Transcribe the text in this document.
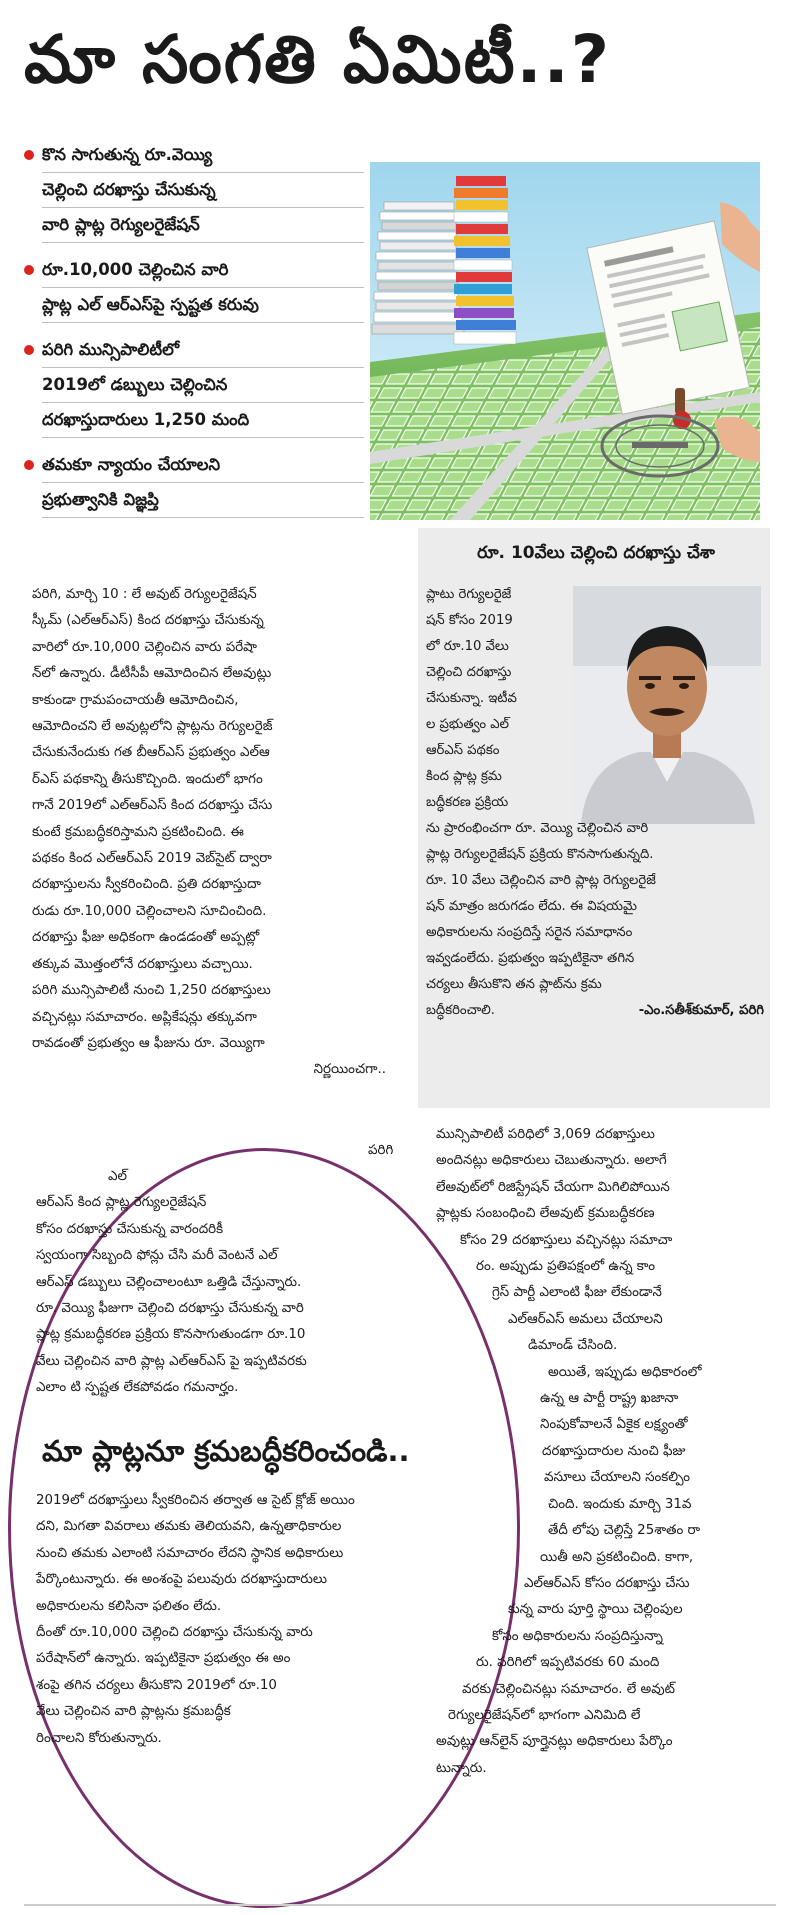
మా సంగతి ఏమిటీ..?
కొన సాగుతున్న రూ.వెయ్యి
చెల్లించి దరఖాస్తు చేసుకున్న
వారి ప్లాట్ల రెగ్యులరైజేషన్
రూ.10,000 చెల్లించిన వారి
ప్లాట్ల ఎల్ ఆర్ఎస్‌పై స్పష్టత కరువు
పరిగి మున్సిపాలిటీలో
2019లో డబ్బులు చెల్లించిన
దరఖాస్తుదారులు 1,250 మంది
తమకూ న్యాయం చేయాలని
ప్రభుత్వానికి విజ్ఞప్తి
రూ. 10వేలు చెల్లించి దరఖాస్తు చేశా
ప్లాటు రెగ్యులరైజే
షన్ కోసం 2019
లో రూ.10 వేలు
చెల్లించి దరఖాస్తు
చేసుకున్నా. ఇటీవ
ల ప్రభుత్వం ఎల్
ఆర్ఎస్ పథకం
కింద ప్లాట్ల క్రమ
బద్ధీకరణ ప్రక్రియ
ను ప్రారంభించగా రూ. వెయ్యి చెల్లించిన వారి
ప్లాట్ల రెగ్యులరైజేషన్ ప్రక్రియ కొనసాగుతున్నది.
రూ. 10 వేలు చెల్లించిన వారి ప్లాట్ల రెగ్యులరైజే
షన్ మాత్రం జరుగడం లేదు. ఈ విషయమై
అధికారులను సంప్రదిస్తే సరైన సమాధానం
ఇవ్వడంలేదు. ప్రభుత్వం ఇప్పటికైనా తగిన
చర్యలు తీసుకొని తన ప్లాట్‌ను క్రమ
బద్ధీకరించాలి.	-ఎం.సతీశ్‌కుమార్, పరిగి
పరిగి, మార్చి 10 : లే అవుట్ రెగ్యులరైజేషన్
స్కీమ్ (ఎల్ఆర్ఎస్) కింద దరఖాస్తు చేసుకున్న
వారిలో రూ.10,000 చెల్లించిన వారు పరేషా
న్‌లో ఉన్నారు. డీటీసీపీ ఆమోదించిన లేఅవుట్లు
కాకుండా గ్రామపంచాయతీ ఆమోదించిన,
ఆమోదించని లే అవుట్లలోని ప్లాట్లను రెగ్యులరైజ్
చేసుకునేందుకు గత బీఆర్ఎస్ ప్రభుత్వం ఎల్ఆ
ర్ఎస్ పథకాన్ని తీసుకొచ్చింది. ఇందులో భాగం
గానే 2019లో ఎల్ఆర్ఎస్ కింద దరఖాస్తు చేసు
కుంటే క్రమబద్ధీకరిస్తామని ప్రకటించింది. ఈ
పథకం కింద ఎల్ఆర్ఎస్ 2019 వెబ్‌సైట్ ద్వారా
దరఖాస్తులను స్వీకరించింది. ప్రతి దరఖాస్తుదా
రుడు రూ.10,000 చెల్లించాలని సూచించింది.
దరఖాస్తు ఫీజు అధికంగా ఉండడంతో అప్పట్లో
తక్కువ మొత్తంలోనే దరఖాస్తులు వచ్చాయి.
పరిగి మున్సిపాలిటీ నుంచి 1,250 దరఖాస్తులు
వచ్చినట్లు సమాచారం. అప్లికేషన్లు తక్కువగా
రావడంతో ప్రభుత్వం ఆ ఫీజును రూ. వెయ్యిగా
నిర్ణయించగా..
పరిగి
ఎల్
ఆర్ఎస్ కింద ప్లాట్ల రెగ్యులరైజేషన్
కోసం దరఖాస్తు చేసుకున్న వారందరికీ
స్వయంగా సిబ్బంది ఫోన్లు చేసి మరీ వెంటనే ఎల్
ఆర్ఎస్ డబ్బులు చెల్లించాలంటూ ఒత్తిడి చేస్తున్నారు.
రూ. వెయ్యి ఫీజుగా చెల్లించి దరఖాస్తు చేసుకున్న వారి
ప్లాట్ల క్రమబద్ధీకరణ ప్రక్రియ కొనసాగుతుండగా రూ.10
వేలు చెల్లించిన వారి ప్లాట్ల ఎల్ఆర్ఎస్ పై ఇప్పటివరకు
ఎలాం టి స్పష్టత లేకపోవడం గమనార్హం.
మా ప్లాట్లనూ క్రమబద్ధీకరించండి..
2019లో దరఖాస్తులు స్వీకరించిన తర్వాత ఆ సైట్ క్లోజ్ అయిం
దని, మిగతా వివరాలు తమకు తెలియవని, ఉన్నతాధికారుల
నుంచి తమకు ఎలాంటి సమాచారం లేదని స్థానిక అధికారులు
పేర్కొంటున్నారు. ఈ అంశంపై పలువురు దరఖాస్తుదారులు
అధికారులను కలిసినా ఫలితం లేదు.
దీంతో రూ.10,000 చెల్లించి దరఖాస్తు చేసుకున్న వారు
పరేషాన్‌లో ఉన్నారు. ఇప్పటికైనా ప్రభుత్వం ఈ అం
శంపై తగిన చర్యలు తీసుకొని 2019లో రూ.10
వేలు చెల్లించిన వారి ప్లాట్లను క్రమబద్ధీక
రించాలని కోరుతున్నారు.
మున్సిపాలిటీ పరిధిలో 3,069 దరఖాస్తులు
అందినట్లు అధికారులు చెబుతున్నారు. అలాగే
లేఅవుట్‌లో రిజిస్ట్రేషన్ చేయగా మిగిలిపోయిన
ప్లాట్లకు సంబంధించి లేఅవుట్ క్రమబద్ధీకరణ
కోసం 29 దరఖాస్తులు వచ్చినట్లు సమాచా
రం. అప్పుడు ప్రతిపక్షంలో ఉన్న కాం
గ్రెస్ పార్టీ ఎలాంటి ఫీజు లేకుండానే
ఎల్ఆర్ఎస్ అమలు చేయాలని
డిమాండ్ చేసింది.
అయితే, ఇప్పుడు అధికారంలో
ఉన్న ఆ పార్టీ రాష్ట్ర ఖజానా
నింపుకోవాలనే ఏకైక లక్ష్యంతో
దరఖాస్తుదారుల నుంచి ఫీజు
వసూలు చేయాలని సంకల్పిం
చింది. ఇందుకు మార్చి 31వ
తేదీ లోపు చెల్లిస్తే 25శాతం రా
యితీ అని ప్రకటించింది. కాగా,
ఎల్ఆర్ఎస్ కోసం దరఖాస్తు చేసు
కున్న వారు పూర్తి స్థాయి చెల్లింపుల
కోసం అధికారులను సంప్రదిస్తున్నా
రు. పరిగిలో ఇప్పటివరకు 60 మంది
వరకు చెల్లించినట్లు సమాచారం. లే అవుట్
రెగ్యులరైజేషన్‌లో భాగంగా ఎనిమిది లే
అవుట్లు ఆన్‌లైన్ పూర్తైనట్లు అధికారులు పేర్కొం
టున్నారు.
